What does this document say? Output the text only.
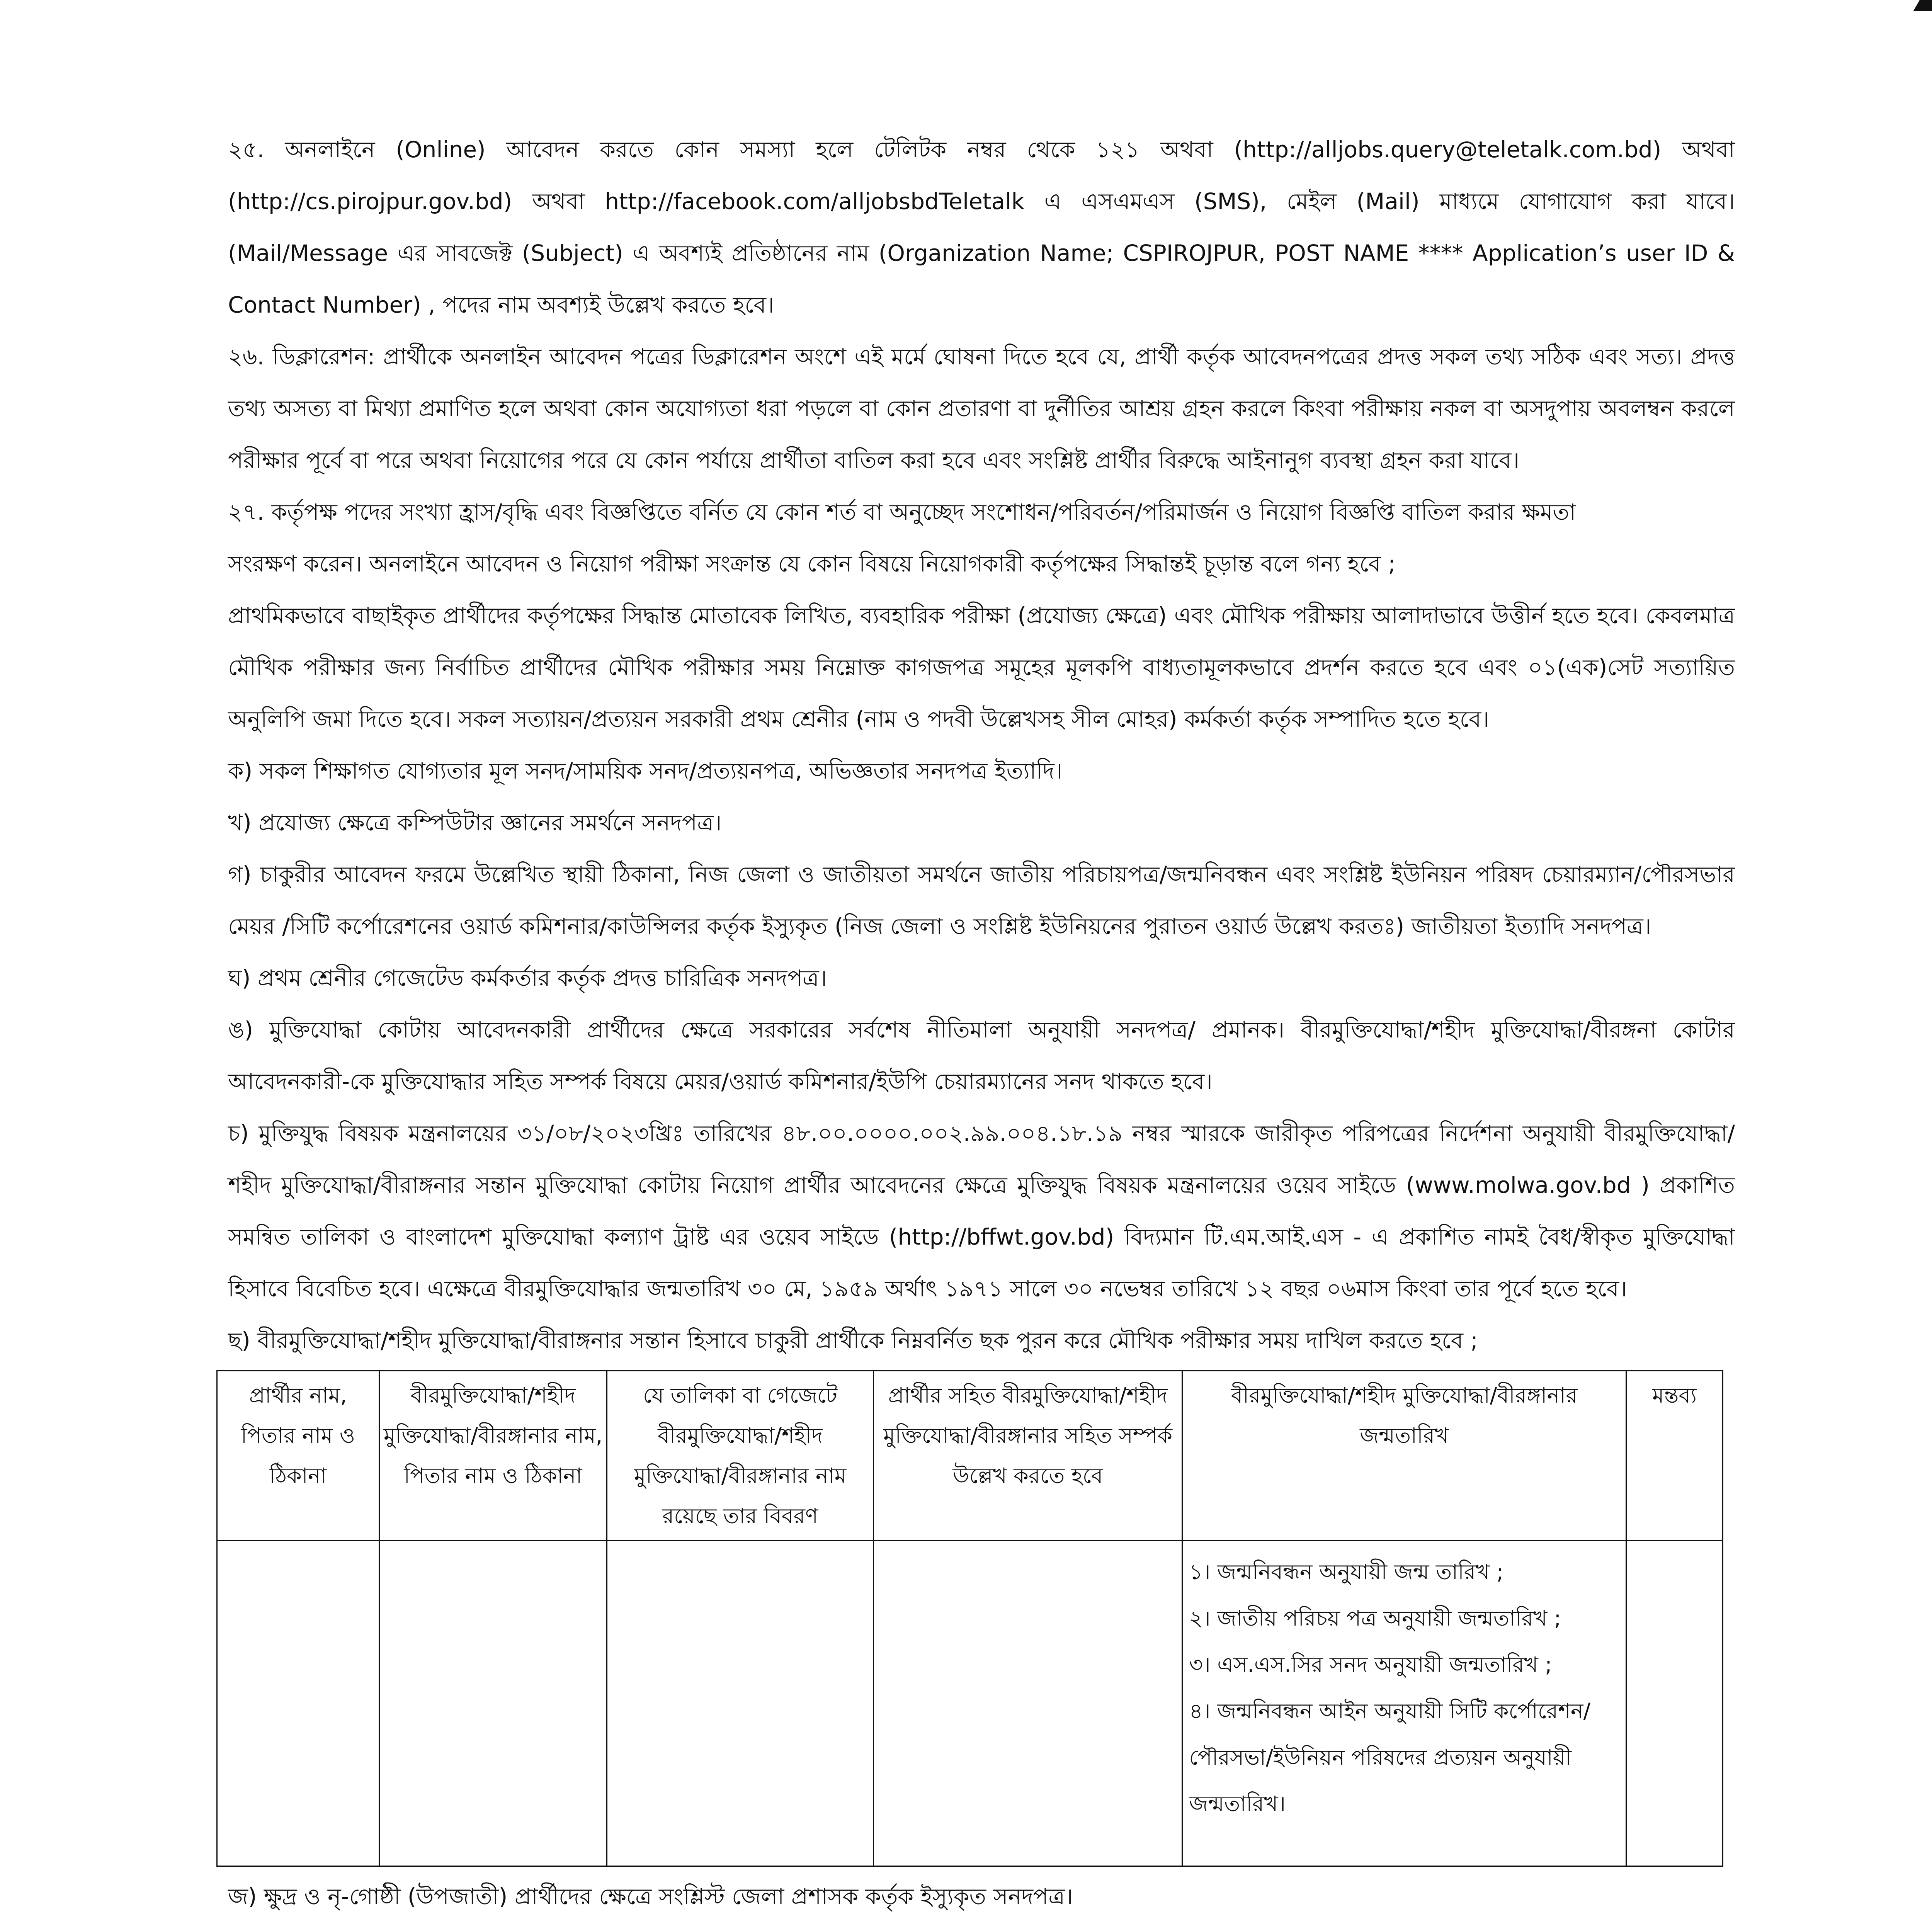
২৫. অনলাইনে (Online) আবেদন করতে কোন সমস্যা হলে টেলিটক নম্বর থেকে ১২১ অথবা (http://alljobs.query@teletalk.com.bd) অথবা (http://cs.pirojpur.gov.bd) অথবা http://facebook.com/alljobsbdTeletalk এ এসএমএস (SMS), মেইল (Mail) মাধ্যমে যোগাযোগ করা যাবে। (Mail/Message এর সাবজেক্ট (Subject) এ অবশ্যই প্রতিষ্ঠানের নাম (Organization Name; CSPIROJPUR, POST NAME **** Application’s user ID & Contact Number) , পদের নাম অবশ্যই উল্লেখ করতে হবে।

২৬. ডিক্লারেশন: প্রার্থীকে অনলাইন আবেদন পত্রের ডিক্লারেশন অংশে এই মর্মে ঘোষনা দিতে হবে যে, প্রার্থী কর্তৃক আবেদনপত্রের প্রদত্ত সকল তথ্য সঠিক এবং সত্য। প্রদত্ত তথ্য অসত্য বা মিথ্যা প্রমাণিত হলে অথবা কোন অযোগ্যতা ধরা পড়লে বা কোন প্রতারণা বা দুর্নীতির আশ্রয় গ্রহন করলে কিংবা পরীক্ষায় নকল বা অসদুপায় অবলম্বন করলে পরীক্ষার পূর্বে বা পরে অথবা নিয়োগের পরে যে কোন পর্যায়ে প্রার্থীতা বাতিল করা হবে এবং সংশ্লিষ্ট প্রার্থীর বিরুদ্ধে আইনানুগ ব্যবস্থা গ্রহন করা যাবে।

২৭. কর্তৃপক্ষ পদের সংখ্যা হ্রাস/বৃদ্ধি এবং বিজ্ঞপ্তিতে বর্নিত যে কোন শর্ত বা অনুচ্ছেদ সংশোধন/পরিবর্তন/পরিমার্জন ও নিয়োগ বিজ্ঞপ্তি বাতিল করার ক্ষমতা

সংরক্ষণ করেন। অনলাইনে আবেদন ও নিয়োগ পরীক্ষা সংক্রান্ত যে কোন বিষয়ে নিয়োগকারী কর্তৃপক্ষের সিদ্ধান্তই চূড়ান্ত বলে গন্য হবে ;

প্রাথমিকভাবে বাছাইকৃত প্রার্থীদের কর্তৃপক্ষের সিদ্ধান্ত মোতাবেক লিখিত, ব্যবহারিক পরীক্ষা (প্রযোজ্য ক্ষেত্রে) এবং মৌখিক পরীক্ষায় আলাদাভাবে উত্তীর্ন হতে হবে। কেবলমাত্র মৌখিক পরীক্ষার জন্য নির্বাচিত প্রার্থীদের মৌখিক পরীক্ষার সময় নিম্নোক্ত কাগজপত্র সমূহের মূলকপি বাধ্যতামূলকভাবে প্রদর্শন করতে হবে এবং ০১(এক)সেট সত্যায়িত অনুলিপি জমা দিতে হবে। সকল সত্যায়ন/প্রত্যয়ন সরকারী প্রথম শ্রেনীর (নাম ও পদবী উল্লেখসহ সীল মোহর) কর্মকর্তা কর্তৃক সম্পাদিত হতে হবে।

ক) সকল শিক্ষাগত যোগ্যতার মূল সনদ/সাময়িক সনদ/প্রত্যয়নপত্র, অভিজ্ঞতার সনদপত্র ইত্যাদি।

খ) প্রযোজ্য ক্ষেত্রে কম্পিউটার জ্ঞানের সমর্থনে সনদপত্র।

গ) চাকুরীর আবেদন ফরমে উল্লেখিত স্থায়ী ঠিকানা, নিজ জেলা ও জাতীয়তা সমর্থনে জাতীয় পরিচায়পত্র/জন্মনিবন্ধন এবং সংশ্লিষ্ট ইউনিয়ন পরিষদ চেয়ারম্যান/পৌরসভার মেয়র /সিটি কর্পোরেশনের ওয়ার্ড কমিশনার/কাউন্সিলর কর্তৃক ইস্যুকৃত (নিজ জেলা ও সংশ্লিষ্ট ইউনিয়নের পুরাতন ওয়ার্ড উল্লেখ করতঃ) জাতীয়তা ইত্যাদি সনদপত্র।

ঘ) প্রথম শ্রেনীর গেজেটেড কর্মকর্তার কর্তৃক প্রদত্ত চারিত্রিক সনদপত্র।

ঙ) মুক্তিযোদ্ধা কোটায় আবেদনকারী প্রার্থীদের ক্ষেত্রে সরকারের সর্বশেষ নীতিমালা অনুযায়ী সনদপত্র/ প্রমানক। বীরমুক্তিযোদ্ধা/শহীদ মুক্তিযোদ্ধা/বীরঙ্গনা কোটার আবেদনকারী-কে মুক্তিযোদ্ধার সহিত সম্পর্ক বিষয়ে মেয়র/ওয়ার্ড কমিশনার/ইউপি চেয়ারম্যানের সনদ থাকতে হবে।

চ) মুক্তিযুদ্ধ বিষয়ক মন্ত্রনালয়ের ৩১/০৮/২০২৩খ্রিঃ তারিখের ৪৮.০০.০০০০.০০২.৯৯.০০৪.১৮.১৯ নম্বর স্মারকে জারীকৃত পরিপত্রের নির্দেশনা অনুযায়ী বীরমুক্তিযোদ্ধা/শহীদ মুক্তিযোদ্ধা/বীরাঙ্গনার সন্তান মুক্তিযোদ্ধা কোটায় নিয়োগ প্রার্থীর আবেদনের ক্ষেত্রে মুক্তিযুদ্ধ বিষয়ক মন্ত্রনালয়ের ওয়েব সাইডে (www.molwa.gov.bd ) প্রকাশিত সমন্বিত তালিকা ও বাংলাদেশ মুক্তিযোদ্ধা কল্যাণ ট্রাষ্ট এর ওয়েব সাইডে (http://bffwt.gov.bd) বিদ্যমান টি.এম.আই.এস - এ প্রকাশিত নামই বৈধ/স্বীকৃত মুক্তিযোদ্ধা হিসাবে বিবেচিত হবে। এক্ষেত্রে বীরমুক্তিযোদ্ধার জন্মতারিখ ৩০ মে, ১৯৫৯ অর্থাৎ ১৯৭১ সালে ৩০ নভেম্বর তারিখে ১২ বছর ০৬মাস কিংবা তার পূর্বে হতে হবে।

ছ) বীরমুক্তিযোদ্ধা/শহীদ মুক্তিযোদ্ধা/বীরাঙ্গনার সন্তান হিসাবে চাকুরী প্রার্থীকে নিম্নবর্নিত ছক পুরন করে মৌখিক পরীক্ষার সময় দাখিল করতে হবে ;

প্রার্থীর নাম, পিতার নাম ও ঠিকানা	বীরমুক্তিযোদ্ধা/শহীদ মুক্তিযোদ্ধা/বীরঙ্গানার নাম, পিতার নাম ও ঠিকানা	যে তালিকা বা গেজেটে বীরমুক্তিযোদ্ধা/শহীদ মুক্তিযোদ্ধা/বীরঙ্গানার নাম রয়েছে তার বিবরণ	প্রার্থীর সহিত বীরমুক্তিযোদ্ধা/শহীদ মুক্তিযোদ্ধা/বীরঙ্গানার সহিত সম্পর্ক উল্লেখ করতে হবে	বীরমুক্তিযোদ্ধা/শহীদ মুক্তিযোদ্ধা/বীরঙ্গানার জন্মতারিখ	মন্তব্য

				১। জন্মনিবন্ধন অনুযায়ী জন্ম তারিখ ;
২। জাতীয় পরিচয় পত্র অনুযায়ী জন্মতারিখ ;
৩। এস.এস.সির সনদ অনুযায়ী জন্মতারিখ ;
৪। জন্মনিবন্ধন আইন অনুযায়ী সিটি কর্পোরেশন/পৌরসভা/ইউনিয়ন পরিষদের প্রত্যয়ন অনুযায়ী জন্মতারিখ।	

জ) ক্ষুদ্র ও নৃ-গোষ্ঠী (উপজাতী) প্রার্থীদের ক্ষেত্রে সংশ্লিস্ট জেলা প্রশাসক কর্তৃক ইস্যুকৃত সনদপত্র।
